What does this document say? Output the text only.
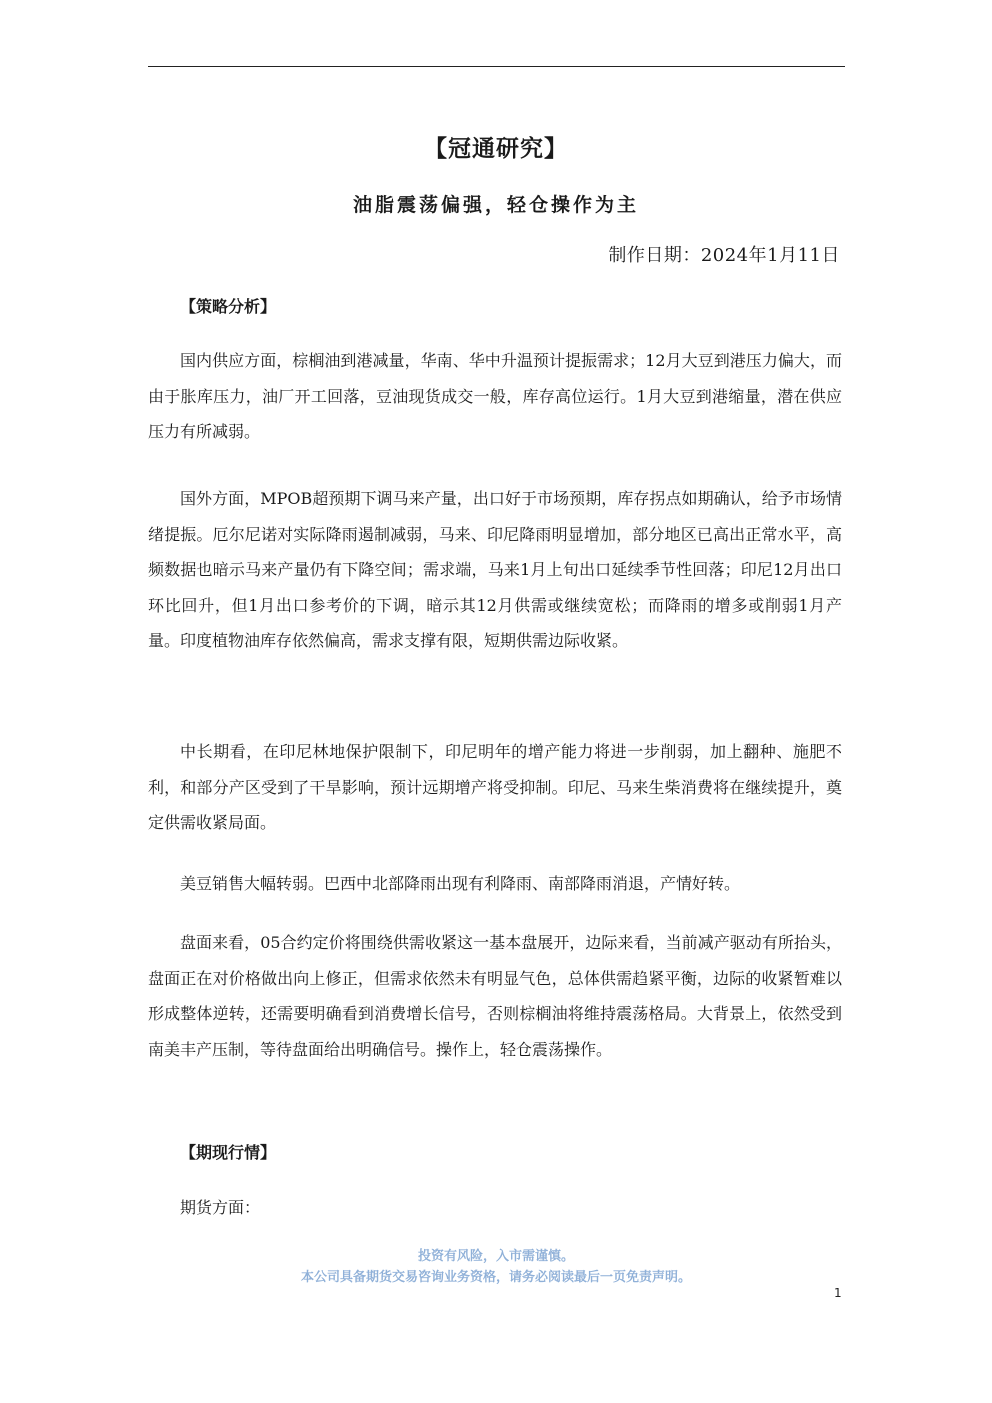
【冠通研究】
油脂震荡偏强，轻仓操作为主
制作日期：2024年1月11日
【策略分析】

国内供应方面，棕榈油到港减量，华南、华中升温预计提振需求；12月大豆到港压力偏大，而由于胀库压力，油厂开工回落，豆油现货成交一般，库存高位运行。1月大豆到港缩量，潜在供应压力有所减弱。

国外方面，MPOB超预期下调马来产量，出口好于市场预期，库存拐点如期确认，给予市场情绪提振。厄尔尼诺对实际降雨遏制减弱，马来、印尼降雨明显增加，部分地区已高出正常水平，高频数据也暗示马来产量仍有下降空间；需求端，马来1月上旬出口延续季节性回落；印尼12月出口环比回升，但1月出口参考价的下调，暗示其12月供需或继续宽松；而降雨的增多或削弱1月产量。印度植物油库存依然偏高，需求支撑有限，短期供需边际收紧。

中长期看，在印尼林地保护限制下，印尼明年的增产能力将进一步削弱，加上翻种、施肥不利，和部分产区受到了干旱影响，预计远期增产将受抑制。印尼、马来生柴消费将在继续提升，奠定供需收紧局面。

美豆销售大幅转弱。巴西中北部降雨出现有利降雨、南部降雨消退，产情好转。

盘面来看，05合约定价将围绕供需收紧这一基本盘展开，边际来看，当前减产驱动有所抬头，盘面正在对价格做出向上修正，但需求依然未有明显气色，总体供需趋紧平衡，边际的收紧暂难以形成整体逆转，还需要明确看到消费增长信号，否则棕榈油将维持震荡格局。大背景上，依然受到南美丰产压制，等待盘面给出明确信号。操作上，轻仓震荡操作。

【期现行情】

期货方面：

投资有风险，入市需谨慎。
本公司具备期货交易咨询业务资格，请务必阅读最后一页免责声明。
1
